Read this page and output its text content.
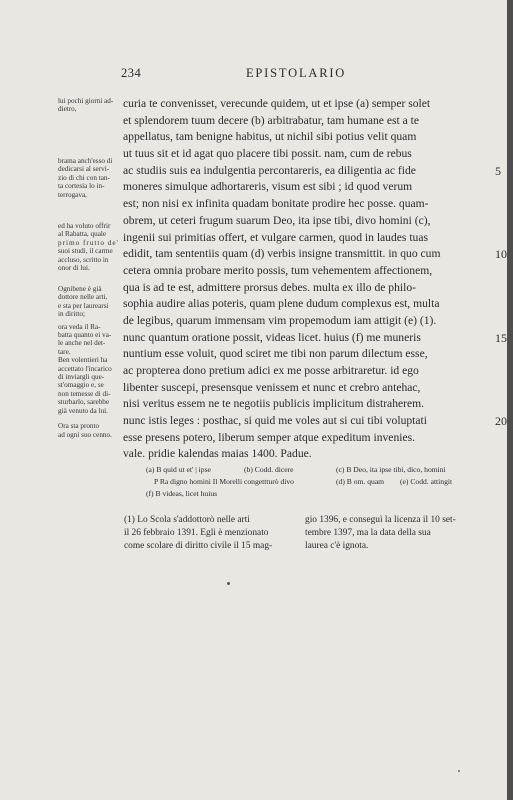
234	EPISTOLARIO

lui pochi giorni ad-

dietro,

brama anch'esso di

dedicarsi al servi-

zio di chi con tan-

ta cortesia lo in-

terrogava,

ed ha voluto offrir

al Rabatta, quale

primo frutto de'

suoi studi, il carme

accluso, scritto in

onor di lui.

Ognibene è già

dottore nelle arti,

e sta per laurearsi

in diritto;

ora veda il Ra-

batta quanto ei va-

le anche nel det-

tare.

Ben volentieri ha

accettato l'incarico

di inviargli que-

st'omaggio e, se

non temesse di di-

sturbarlo, sarebbe

già venuto da lui.

Ora sta pronto

ad ogni suo cenno.

curia te convenisset, verecunde quidem, ut et ipse (a) semper solet
et splendorem tuum decere (b) arbitrabatur, tam humane est a te
appellatus, tam benigne habitus, ut nichil sibi potius velit quam
ut tuus sit et id agat quo placere tibi possit. nam, cum de rebus
ac studiis suis ea indulgentia percontareris, ea diligentia ac fide	5
moneres simulque adhortareris, visum est sibi ; id quod verum
est; non nisi ex infinita quadam bonitate prodire hec posse. quam-
obrem, ut ceteri frugum suarum Deo, ita ipse tibi, divo homini (c),
ingenii sui primitias offert, et vulgare carmen, quod in laudes tuas
edidit, tam sententiis quam (d) verbis insigne transmittit. in quo cum	10
cetera omnia probare merito possis, tum vehementem affectionem,
qua is ad te est, admittere prorsus debes. multa ex illo de philo-
sophia audire alias poteris, quam plene dudum complexus est, multa
de legibus, quarum immensam vim propemodum iam attigit (e) (1).
nunc quantum oratione possit, videas licet. huius (f) me muneris	15
nuntium esse voluit, quod sciret me tibi non parum dilectum esse,
ac propterea dono pretium adici ex me posse arbitraretur. id ego
libenter suscepi, presensque venissem et nunc et crebro antehac,
nisi veritus essem ne te negotiis publicis implicitum distraherem.
nunc istis leges : posthac, si quid me voles aut si cui tibi voluptati	20
esse presens potero, liberum semper atque expeditum invenies.
vale. pridie kalendas maias 1400. Padue.
(a) B quid ut et' | ipse	(b) Codd. dicere	(c) B Deo, ita ipse tibi, dico, homini
P Ra digno homini Il Morelli congettturò divo	(d) B om. quam (e) Codd. attingit
(f) B videas, licet huius

(1) Lo Scola s'addottorò nelle arti

il 26 febbraio 1391. Egli è menzionato

come scolare di diritto civile il 15 mag-

gio 1396, e conseguì la licenza il 10 set-

tembre 1397, ma la data della sua

laurea c'è ignota.
